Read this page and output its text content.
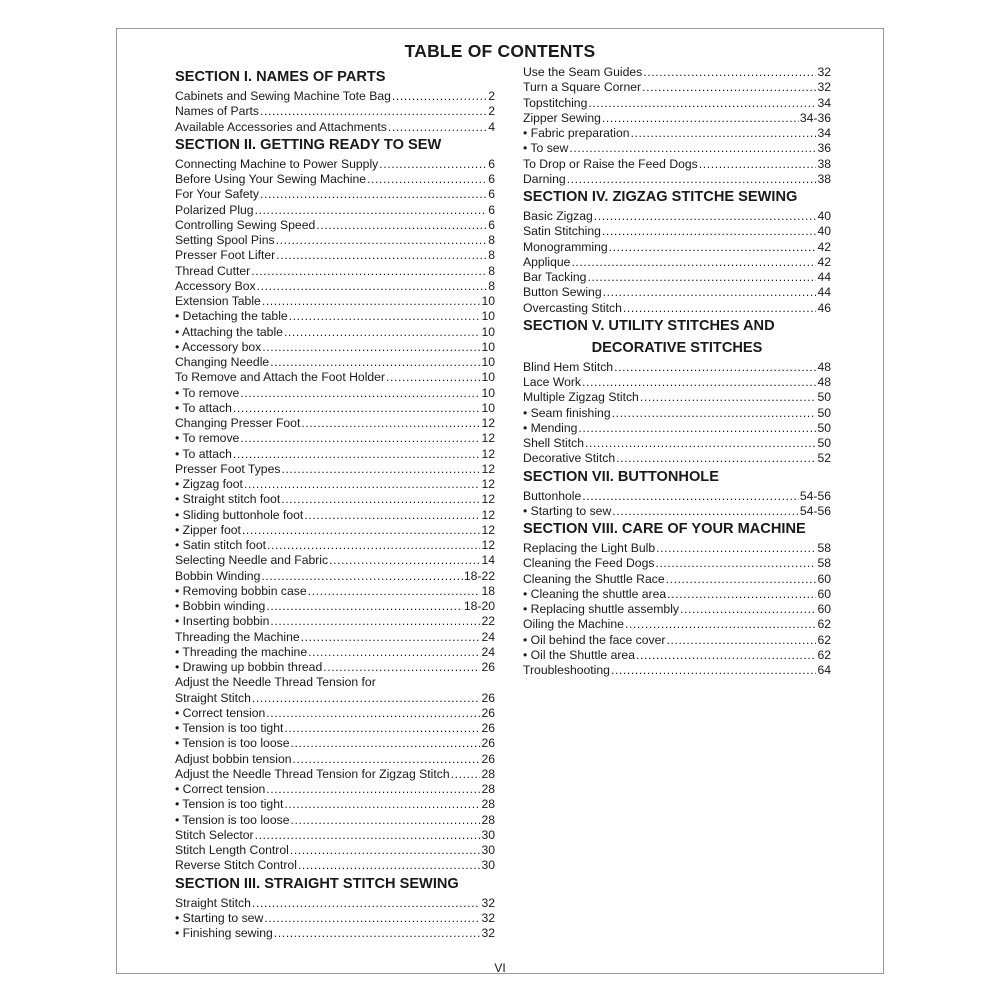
TABLE OF CONTENTS
SECTION I. NAMES OF PARTS
Cabinets and Sewing Machine Tote Bag .....	2
Names of Parts .....	2
Available Accessories and Attachments .....	4
SECTION II. GETTING READY TO SEW
Connecting Machine to Power Supply .....	6
Before Using Your Sewing Machine .....	6
For Your Safety .....	6
Polarized Plug .....	6
Controlling Sewing Speed .....	6
Setting Spool Pins .....	8
Presser Foot Lifter .....	8
Thread Cutter .....	8
Accessory Box .....	8
Extension Table .....	10
• Detaching the table .....	10
• Attaching the table .....	10
• Accessory box .....	10
Changing Needle .....	10
To Remove and Attach the Foot Holder .....	10
• To remove .....	10
• To attach .....	10
Changing Presser Foot .....	12
• To remove .....	12
• To attach .....	12
Presser Foot Types .....	12
• Zigzag foot .....	12
• Straight stitch foot .....	12
• Sliding buttonhole foot .....	12
• Zipper foot .....	12
• Satin stitch foot .....	12
Selecting Needle and Fabric .....	14
Bobbin Winding .....	18-22
• Removing bobbin case .....	18
• Bobbin winding .....	18-20
• Inserting bobbin .....	22
Threading the Machine .....	24
• Threading the machine .....	24
• Drawing up bobbin thread .....	26
Adjust the Needle Thread Tension for
Straight Stitch .....	26
• Correct tension .....	26
• Tension is too tight .....	26
• Tension is too loose .....	26
Adjust bobbin tension .....	26
Adjust the Needle Thread Tension for Zigzag Stitch .....	28
• Correct tension .....	28
• Tension is too tight .....	28
• Tension is too loose .....	28
Stitch Selector .....	30
Stitch Length Control .....	30
Reverse Stitch Control .....	30
SECTION III. STRAIGHT STITCH SEWING
Straight Stitch .....	32
• Starting to sew .....	32
• Finishing sewing .....	32
Use the Seam Guides .....	32
Turn a Square Corner .....	32
Topstitching .....	34
Zipper Sewing .....	34-36
• Fabric preparation .....	34
• To sew .....	36
To Drop or Raise the Feed Dogs .....	38
Darning .....	38
SECTION IV. ZIGZAG STITCHE SEWING
Basic Zigzag .....	40
Satin Stitching .....	40
Monogramming .....	42
Applique .....	42
Bar Tacking .....	44
Button Sewing .....	44
Overcasting Stitch .....	46
SECTION V. UTILITY STITCHES AND
DECORATIVE STITCHES
Blind Hem Stitch .....	48
Lace Work .....	48
Multiple Zigzag Stitch .....	50
• Seam finishing .....	50
• Mending .....	50
Shell Stitch .....	50
Decorative Stitch .....	52
SECTION VII. BUTTONHOLE
Buttonhole .....	54-56
• Starting to sew .....	54-56
SECTION VIII. CARE OF YOUR MACHINE
Replacing the Light Bulb .....	58
Cleaning the Feed Dogs .....	58
Cleaning the Shuttle Race .....	60
• Cleaning the shuttle area .....	60
• Replacing shuttle assembly .....	60
Oiling the Machine .....	62
• Oil behind the face cover .....	62
• Oil the Shuttle area .....	62
Troubleshooting .....	64
VI
